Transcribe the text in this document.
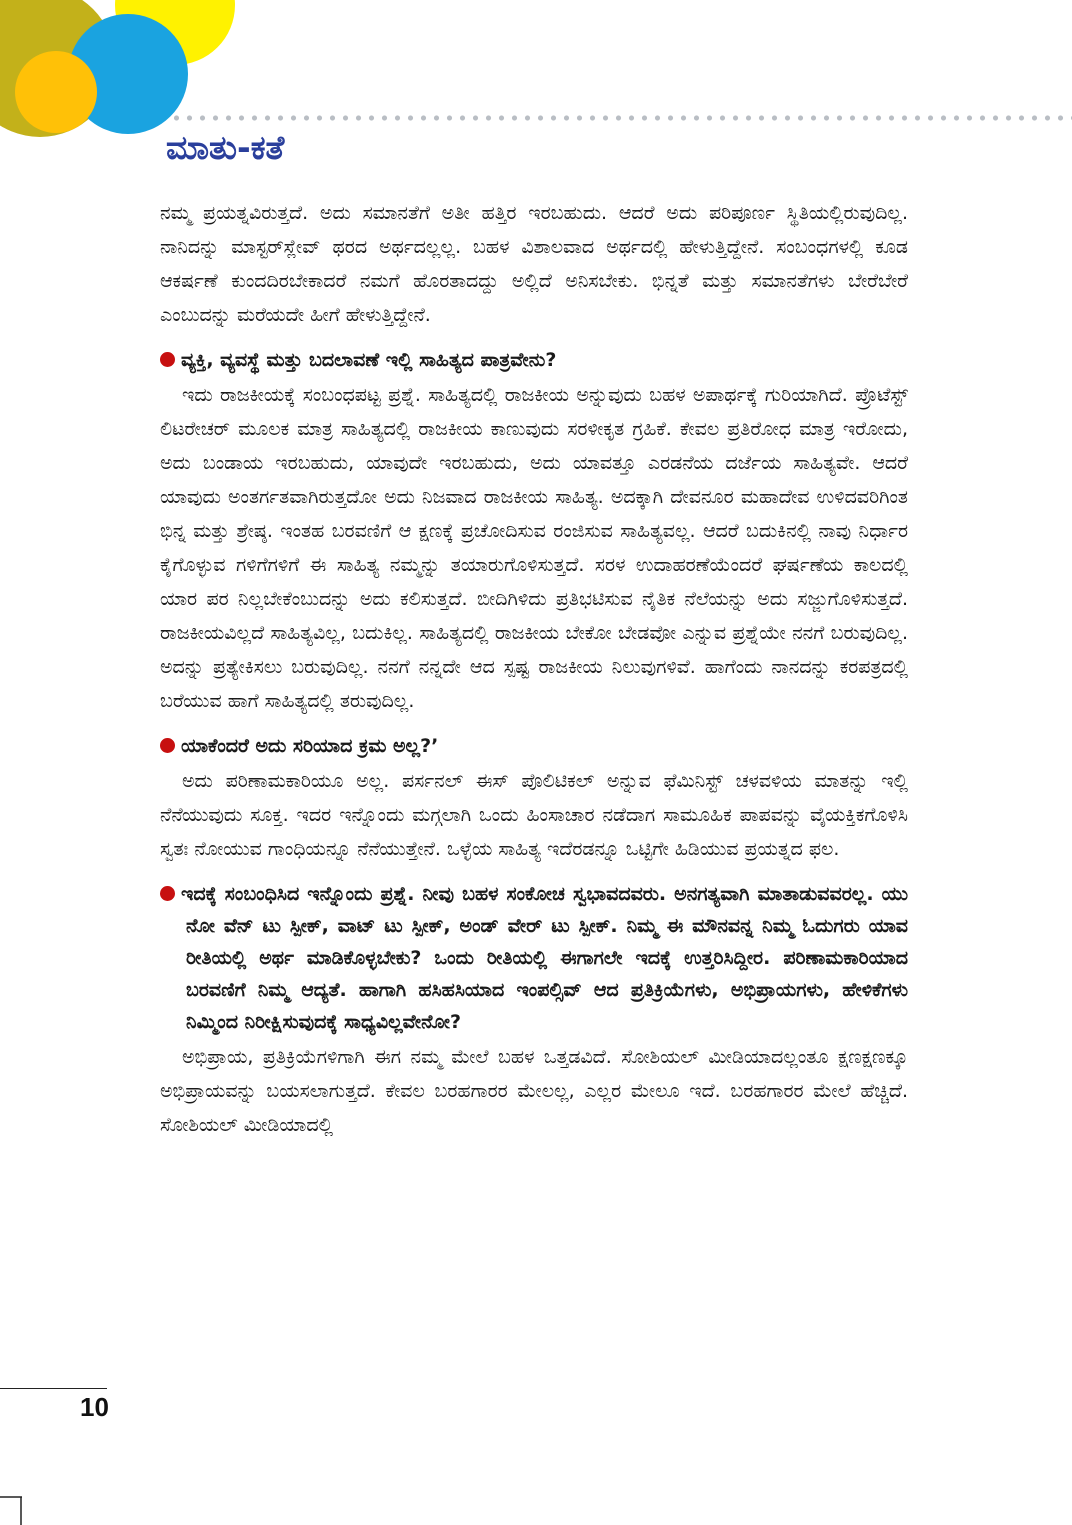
ಮಾತು-ಕತೆ

ನಮ್ಮ ಪ್ರಯತ್ನವಿರುತ್ತದೆ. ಅದು ಸಮಾನತೆಗೆ ಅತೀ ಹತ್ತಿರ ಇರಬಹುದು. ಆದರೆ ಅದು ಪರಿಪೂರ್ಣ ಸ್ಥಿತಿಯಲ್ಲಿರುವುದಿಲ್ಲ. ನಾನಿದನ್ನು ಮಾಸ್ಟರ್‌ಸ್ಲೇವ್ ಥರದ ಅರ್ಥದಲ್ಲಲ್ಲ. ಬಹಳ ವಿಶಾಲವಾದ ಅರ್ಥದಲ್ಲಿ ಹೇಳುತ್ತಿದ್ದೇನೆ. ಸಂಬಂಧಗಳಲ್ಲಿ ಕೂಡ ಆಕರ್ಷಣೆ ಕುಂದದಿರಬೇಕಾದರೆ ನಮಗೆ ಹೊರತಾದದ್ದು ಅಲ್ಲಿದೆ ಅನಿಸಬೇಕು. ಭಿನ್ನತೆ ಮತ್ತು ಸಮಾನತೆಗಳು ಬೇರೆಬೇರೆ ಎಂಬುದನ್ನು ಮರೆಯದೇ ಹೀಗೆ ಹೇಳುತ್ತಿದ್ದೇನೆ.

ವ್ಯಕ್ತಿ, ವ್ಯವಸ್ಥೆ ಮತ್ತು ಬದಲಾವಣೆ ಇಲ್ಲಿ ಸಾಹಿತ್ಯದ ಪಾತ್ರವೇನು?

ಇದು ರಾಜಕೀಯಕ್ಕೆ ಸಂಬಂಧಪಟ್ಟ ಪ್ರಶ್ನೆ. ಸಾಹಿತ್ಯದಲ್ಲಿ ರಾಜಕೀಯ ಅನ್ನುವುದು ಬಹಳ ಅಪಾರ್ಥಕ್ಕೆ ಗುರಿಯಾಗಿದೆ. ಪ್ರೊಟೆಸ್ಟ್ ಲಿಟರೇಚರ್ ಮೂಲಕ ಮಾತ್ರ ಸಾಹಿತ್ಯದಲ್ಲಿ ರಾಜಕೀಯ ಕಾಣುವುದು ಸರಳೀಕೃತ ಗ್ರಹಿಕೆ. ಕೇವಲ ಪ್ರತಿರೋಧ ಮಾತ್ರ ಇರೋದು, ಅದು ಬಂಡಾಯ ಇರಬಹುದು, ಯಾವುದೇ ಇರಬಹುದು, ಅದು ಯಾವತ್ತೂ ಎರಡನೆಯ ದರ್ಜೆಯ ಸಾಹಿತ್ಯವೇ. ಆದರೆ ಯಾವುದು ಅಂತರ್ಗತವಾಗಿರುತ್ತದೋ ಅದು ನಿಜವಾದ ರಾಜಕೀಯ ಸಾಹಿತ್ಯ. ಅದಕ್ಕಾಗಿ ದೇವನೂರ ಮಹಾದೇವ ಉಳಿದವರಿಗಿಂತ ಭಿನ್ನ ಮತ್ತು ಶ್ರೇಷ್ಠ. ಇಂತಹ ಬರವಣಿಗೆ ಆ ಕ್ಷಣಕ್ಕೆ ಪ್ರಚೋದಿಸುವ ರಂಜಿಸುವ ಸಾಹಿತ್ಯವಲ್ಲ. ಆದರೆ ಬದುಕಿನಲ್ಲಿ ನಾವು ನಿರ್ಧಾರ ಕೈಗೊಳ್ಳುವ ಗಳಿಗೆಗಳಿಗೆ ಈ ಸಾಹಿತ್ಯ ನಮ್ಮನ್ನು ತಯಾರುಗೊಳಿಸುತ್ತದೆ. ಸರಳ ಉದಾಹರಣೆಯೆಂದರೆ ಘರ್ಷಣೆಯ ಕಾಲದಲ್ಲಿ ಯಾರ ಪರ ನಿಲ್ಲಬೇಕೆಂಬುದನ್ನು ಅದು ಕಲಿಸುತ್ತದೆ. ಬೀದಿಗಿಳಿದು ಪ್ರತಿಭಟಿಸುವ ನೈತಿಕ ನೆಲೆಯನ್ನು ಅದು ಸಜ್ಜುಗೊಳಿಸುತ್ತದೆ. ರಾಜಕೀಯವಿಲ್ಲದೆ ಸಾಹಿತ್ಯವಿಲ್ಲ, ಬದುಕಿಲ್ಲ. ಸಾಹಿತ್ಯದಲ್ಲಿ ರಾಜಕೀಯ ಬೇಕೋ ಬೇಡವೋ ಎನ್ನುವ ಪ್ರಶ್ನೆಯೇ ನನಗೆ ಬರುವುದಿಲ್ಲ. ಅದನ್ನು ಪ್ರತ್ಯೇಕಿಸಲು ಬರುವುದಿಲ್ಲ. ನನಗೆ ನನ್ನದೇ ಆದ ಸ್ಪಷ್ಟ ರಾಜಕೀಯ ನಿಲುವುಗಳಿವೆ. ಹಾಗೆಂದು ನಾನದನ್ನು ಕರಪತ್ರದಲ್ಲಿ ಬರೆಯುವ ಹಾಗೆ ಸಾಹಿತ್ಯದಲ್ಲಿ ತರುವುದಿಲ್ಲ.

ಯಾಕೆಂದರೆ ಅದು ಸರಿಯಾದ ಕ್ರಮ ಅಲ್ಲ?’

ಅದು ಪರಿಣಾಮಕಾರಿಯೂ ಅಲ್ಲ. ಪರ್ಸನಲ್ ಈಸ್ ಪೊಲಿಟಿಕಲ್ ಅನ್ನುವ ಫೆಮಿನಿಸ್ಟ್ ಚಳವಳಿಯ ಮಾತನ್ನು ಇಲ್ಲಿ ನೆನೆಯುವುದು ಸೂಕ್ತ. ಇದರ ಇನ್ನೊಂದು ಮಗ್ಗಲಾಗಿ ಒಂದು ಹಿಂಸಾಚಾರ ನಡೆದಾಗ ಸಾಮೂಹಿಕ ಪಾಪವನ್ನು ವೈಯಕ್ತಿಕಗೊಳಿಸಿ ಸ್ವತಃ ನೋಯುವ ಗಾಂಧಿಯನ್ನೂ ನೆನೆಯುತ್ತೇನೆ. ಒಳ್ಳೆಯ ಸಾಹಿತ್ಯ ಇದೆರಡನ್ನೂ ಒಟ್ಟಿಗೇ ಹಿಡಿಯುವ ಪ್ರಯತ್ನದ ಫಲ.

ಇದಕ್ಕೆ ಸಂಬಂಧಿಸಿದ ಇನ್ನೊಂದು ಪ್ರಶ್ನೆ. ನೀವು ಬಹಳ ಸಂಕೋಚ ಸ್ವಭಾವದವರು. ಅನಗತ್ಯವಾಗಿ ಮಾತಾಡುವವರಲ್ಲ. ಯು ನೋ ವೆನ್ ಟು ಸ್ಪೀಕ್, ವಾಟ್ ಟು ಸ್ಪೀಕ್, ಅಂಡ್ ವೇರ್ ಟು ಸ್ಪೀಕ್. ನಿಮ್ಮ ಈ ಮೌನವನ್ನ ನಿಮ್ಮ ಓದುಗರು ಯಾವ ರೀತಿಯಲ್ಲಿ ಅರ್ಥ ಮಾಡಿಕೊಳ್ಳಬೇಕು? ಒಂದು ರೀತಿಯಲ್ಲಿ ಈಗಾಗಲೇ ಇದಕ್ಕೆ ಉತ್ತರಿಸಿದ್ದೀರ. ಪರಿಣಾಮಕಾರಿಯಾದ ಬರವಣಿಗೆ ನಿಮ್ಮ ಆದ್ಯತೆ. ಹಾಗಾಗಿ ಹಸಿಹಸಿಯಾದ ಇಂಪಲ್ಸಿವ್ ಆದ ಪ್ರತಿಕ್ರಿಯೆಗಳು, ಅಭಿಪ್ರಾಯಗಳು, ಹೇಳಿಕೆಗಳು ನಿಮ್ಮಿಂದ ನಿರೀಕ್ಷಿಸುವುದಕ್ಕೆ ಸಾಧ್ಯವಿಲ್ಲವೇನೋ?

ಅಭಿಪ್ರಾಯ, ಪ್ರತಿಕ್ರಿಯೆಗಳಿಗಾಗಿ ಈಗ ನಮ್ಮ ಮೇಲೆ ಬಹಳ ಒತ್ತಡವಿದೆ. ಸೋಶಿಯಲ್ ಮೀಡಿಯಾದಲ್ಲಂತೂ ಕ್ಷಣಕ್ಷಣಕ್ಕೂ ಅಭಿಪ್ರಾಯವನ್ನು ಬಯಸಲಾಗುತ್ತದೆ. ಕೇವಲ ಬರಹಗಾರರ ಮೇಲಲ್ಲ, ಎಲ್ಲರ ಮೇಲೂ ಇದೆ. ಬರಹಗಾರರ ಮೇಲೆ ಹೆಚ್ಚಿದೆ. ಸೋಶಿಯಲ್ ಮೀಡಿಯಾದಲ್ಲಿ

10
